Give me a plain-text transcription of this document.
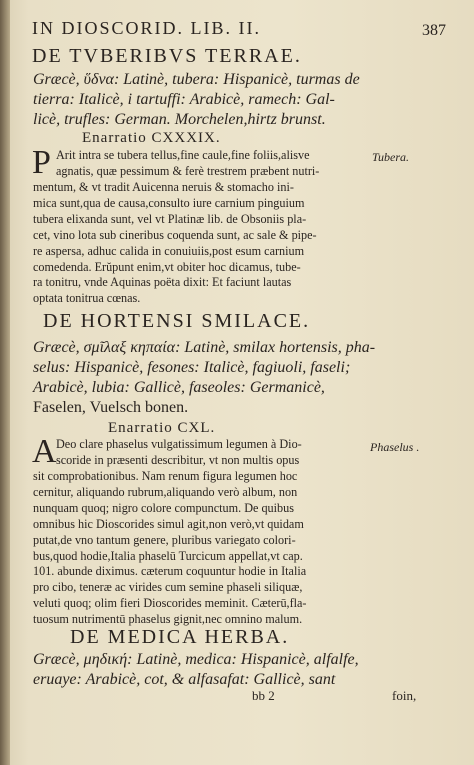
IN DIOSCORID. LIB. II.	387
DE TVBERIBVS TERRAE.
Græcè, ὕδνα: Latinè, tubera: Hispanicè, turmas de
tierra: Italicè, i tartuffi: Arabicè, ramech: Gal-
licè, trufles: German. Morchelen,hirtz brunst.
Enarratio CXXXIX.
Tubera.
P Arit intra se tubera tellus,fine caule,fine foliis,alisve
agnatis, quæ pessimum & ferè trestrem præbent nutri-
mentum, & vt tradit Auicenna neruis & stomacho ini-
mica sunt,qua de causa,consulto iure carnium pinguium
tubera elixanda sunt, vel vt Platinæ lib. de Obsoniis pla-
cet, vino lota sub cineribus coquenda sunt, ac sale & pipe-
re aspersa, adhuc calida in conuiuiis,post esum carnium
comedenda. Erŭpunt enim,vt obiter hoc dicamus, tube-
ra tonitru, vnde Aquinas poëta dixit: Et faciunt lautas
optata tonitrua cœnas.
DE HORTENSI SMILACE.
Græcè, σμῖλαξ κηπαία: Latinè, smilax hortensis, pha-
selus: Hispanicè, fesones: Italicè, fagiuoli, faseli;
Arabicè, lubia: Gallicè, faseoles: Germanicè,
Faselen, Vuelsch bonen.
Enarratio CXL.
Phaselus .
A Deo clare phaselus vulgatissimum legumen à Dio-
scoride in præsenti describitur, vt non multis opus
sit comprobationibus. Nam renum figura legumen hoc
cernitur, aliquando rubrum,aliquando verò album, non
nunquam quoq; nigro colore compunctum. De quibus
omnibus hic Dioscorides simul agit,non verò,vt quidam
putat,de vno tantum genere, pluribus variegato colori-
bus,quod hodie,Italia phaselū Turcicum appellat,vt cap.
101. abunde diximus. cæterum coquuntur hodie in Italia
pro cibo, teneræ ac virides cum semine phaseli siliquæ,
veluti quoq; olim fieri Dioscorides meminit. Cæterū,fla-
tuosum nutrimentū phaselus gignit,nec omnino malum.
DE MEDICA HERBA.
Græcè, μηδική: Latinè, medica: Hispanicè, alfalfe,
eruaye: Arabicè, cot, & alfasafat: Gallicè, sant
bb 2	foin,
